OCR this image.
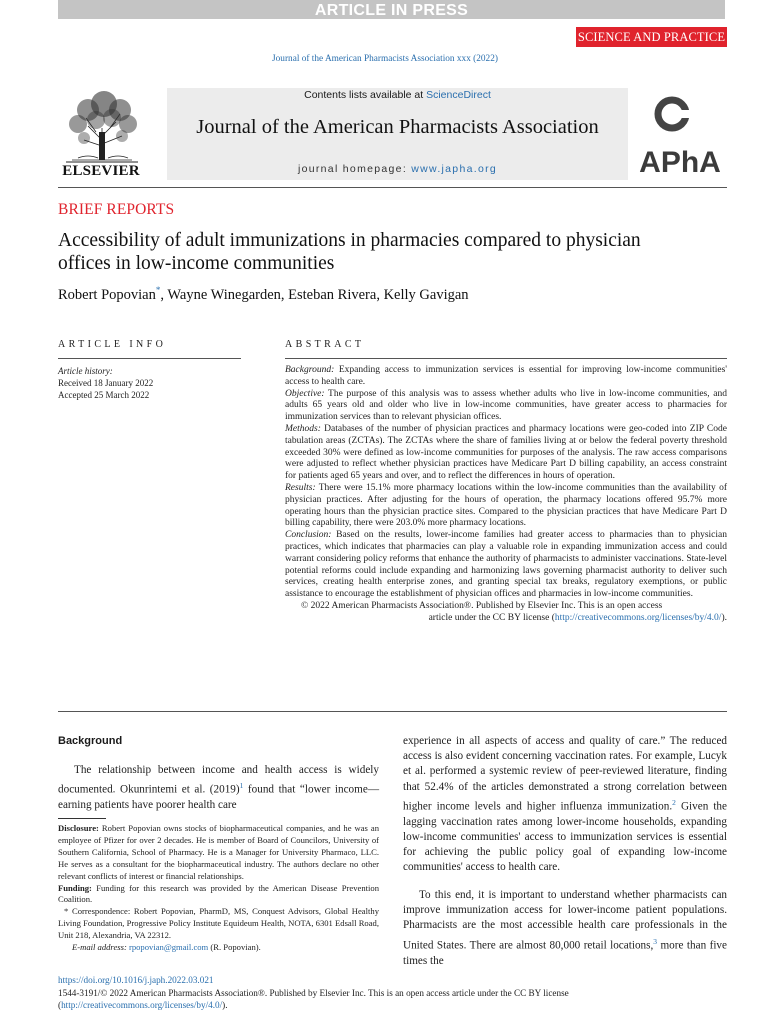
ARTICLE IN PRESS
SCIENCE AND PRACTICE
Journal of the American Pharmacists Association xxx (2022)
ELSEVIER
Contents lists available at ScienceDirect
Journal of the American Pharmacists Association
journal homepage: www.japha.org	APhA
BRIEF REPORTS
Accessibility of adult immunizations in pharmacies compared to physician offices in low-income communities
Robert Popovian*, Wayne Winegarden, Esteban Rivera, Kelly Gavigan
ARTICLE INFO
Article history:
Received 18 January 2022
Accepted 25 March 2022
ABSTRACT

Background: Expanding access to immunization services is essential for improving low-income communities' access to health care.

Objective: The purpose of this analysis was to assess whether adults who live in low-income communities, and adults 65 years old and older who live in low-income communities, have greater access to pharmacies for immunization services than to relevant physician offices.

Methods: Databases of the number of physician practices and pharmacy locations were geo-coded into ZIP Code tabulation areas (ZCTAs). The ZCTAs where the share of families living at or below the federal poverty threshold exceeded 30% were defined as low-income communities for purposes of the analysis. The raw access comparisons were adjusted to reflect whether physician practices have Medicare Part D billing capability, an access constraint for patients aged 65 years and over, and to reflect the differences in hours of operation.

Results: There were 15.1% more pharmacy locations within the low-income communities than the availability of physician practices. After adjusting for the hours of operation, the pharmacy locations offered 95.7% more operating hours than the physician practice sites. Compared to the physician practices that have Medicare Part D billing capability, there were 203.0% more pharmacy locations.

Conclusion: Based on the results, lower-income families had greater access to pharmacies than to physician practices, which indicates that pharmacies can play a valuable role in expanding immunization access and could warrant considering policy reforms that enhance the authority of pharmacists to administer vaccinations. State-level potential reforms could include expanding and harmonizing laws governing pharmacist authority to deliver such services, creating health enterprise zones, and granting special tax breaks, regulatory exemptions, or public assistance to encourage the establishment of physician offices and pharmacies in low-income communities.

© 2022 American Pharmacists Association®. Published by Elsevier Inc. This is an open access

article under the CC BY license (http://creativecommons.org/licenses/by/4.0/).

Background
The relationship between income and health access is widely documented. Okunrintemi et al. $(2019)^1$ found that “lower income—earning patients have poorer health care
Disclosure: Robert Popovian owns stocks of biopharmaceutical companies, and he was an employee of Pfizer for over 2 decades. He is member of Board of Councilors, University of Southern California, School of Pharmacy. He is a Manager for University Pharmaco, LLC. He serves as a consultant for the biopharmaceutical industry. The authors declare no other relevant conflicts of interest or financial relationships.
Funding: Funding for this research was provided by the American Disease Prevention Coalition.
* Correspondence: Robert Popovian, PharmD, MS, Conquest Advisors, Global Healthy Living Foundation, Progressive Policy Institute Equideum Health, NOTA, 6301 Edsall Road, Unit 218, Alexandria, VA 22312.
E-mail address: rpopovian@gmail.com (R. Popovian).
experience in all aspects of access and quality of care.” The reduced access is also evident concerning vaccination rates. For example, Lucyk et al. performed a systemic review of peer-reviewed literature, finding that 52.4% of the articles demonstrated a strong correlation between higher income levels and higher influenza immunization.$^2$ Given the lagging vaccination rates among lower-income households, expanding low-income communities' access to immunization services is essential for achieving the public policy goal of expanding low-income communities' access to health care.
To this end, it is important to understand whether pharmacists can improve immunization access for lower-income patient populations. Pharmacists are the most accessible health care professionals in the United States. There are almost 80,000 retail locations,$^3$ more than five times the
https://doi.org/10.1016/j.japh.2022.03.021
1544-3191/© 2022 American Pharmacists Association®. Published by Elsevier Inc. This is an open access article under the CC BY license (http://creativecommons.org/licenses/by/4.0/).
